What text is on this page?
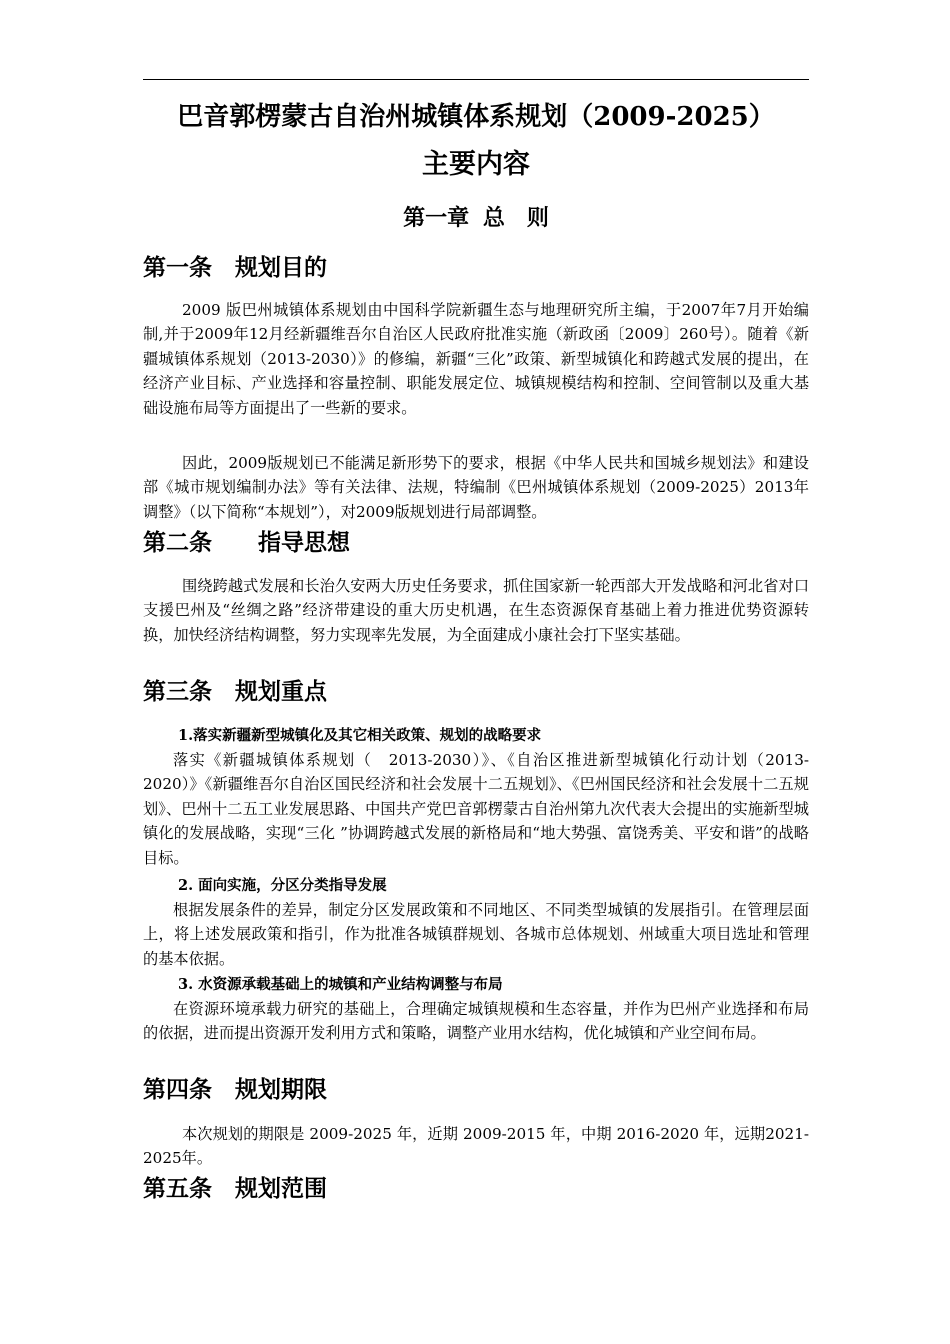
巴音郭楞蒙古自治州城镇体系规划（2009-2025）
主要内容
第一章 总　则
第一条　规划目的

2009 版巴州城镇体系规划由中国科学院新疆生态与地理研究所主编，于2007年7月开始编制,并于2009年12月经新疆维吾尔自治区人民政府批准实施（新政函〔2009〕260号）。随着《新疆城镇体系规划（2013-2030）》的修编，新疆“三化”政策、新型城镇化和跨越式发展的提出，在经济产业目标、产业选择和容量控制、职能发展定位、城镇规模结构和控制、空间管制以及重大基础设施布局等方面提出了一些新的要求。

因此，2009版规划已不能满足新形势下的要求，根据《中华人民共和国城乡规划法》和建设部《城市规划编制办法》等有关法律、法规，特编制《巴州城镇体系规划（2009-2025）2013年调整》（以下简称“本规划”），对2009版规划进行局部调整。

第二条　　指导思想

围绕跨越式发展和长治久安两大历史任务要求，抓住国家新一轮西部大开发战略和河北省对口支援巴州及“丝绸之路”经济带建设的重大历史机遇，在生态资源保育基础上着力推进优势资源转换，加快经济结构调整，努力实现率先发展，为全面建成小康社会打下坚实基础。

第三条　规划重点
1.落实新疆新型城镇化及其它相关政策、规划的战略要求

落实《新疆城镇体系规划（　2013-2030）》、《自治区推进新型城镇化行动计划（2013-2020）》《新疆维吾尔自治区国民经济和社会发展十二五规划》、《巴州国民经济和社会发展十二五规划》、巴州十二五工业发展思路、中国共产党巴音郭楞蒙古自治州第九次代表大会提出的实施新型城镇化的发展战略，实现“三化 ”协调跨越式发展的新格局和“地大势强、富饶秀美、平安和谐”的战略目标。

2. 面向实施，分区分类指导发展

根据发展条件的差异，制定分区发展政策和不同地区、不同类型城镇的发展指引。在管理层面上，将上述发展政策和指引，作为批准各城镇群规划、各城市总体规划、州域重大项目选址和管理的基本依据。

3. 水资源承载基础上的城镇和产业结构调整与布局

在资源环境承载力研究的基础上，合理确定城镇规模和生态容量，并作为巴州产业选择和布局的依据，进而提出资源开发利用方式和策略，调整产业用水结构，优化城镇和产业空间布局。

第四条　规划期限

本次规划的期限是 2009-2025 年，近期 2009-2015 年，中期 2016-2020 年，远期2021-2025年。

第五条　规划范围
